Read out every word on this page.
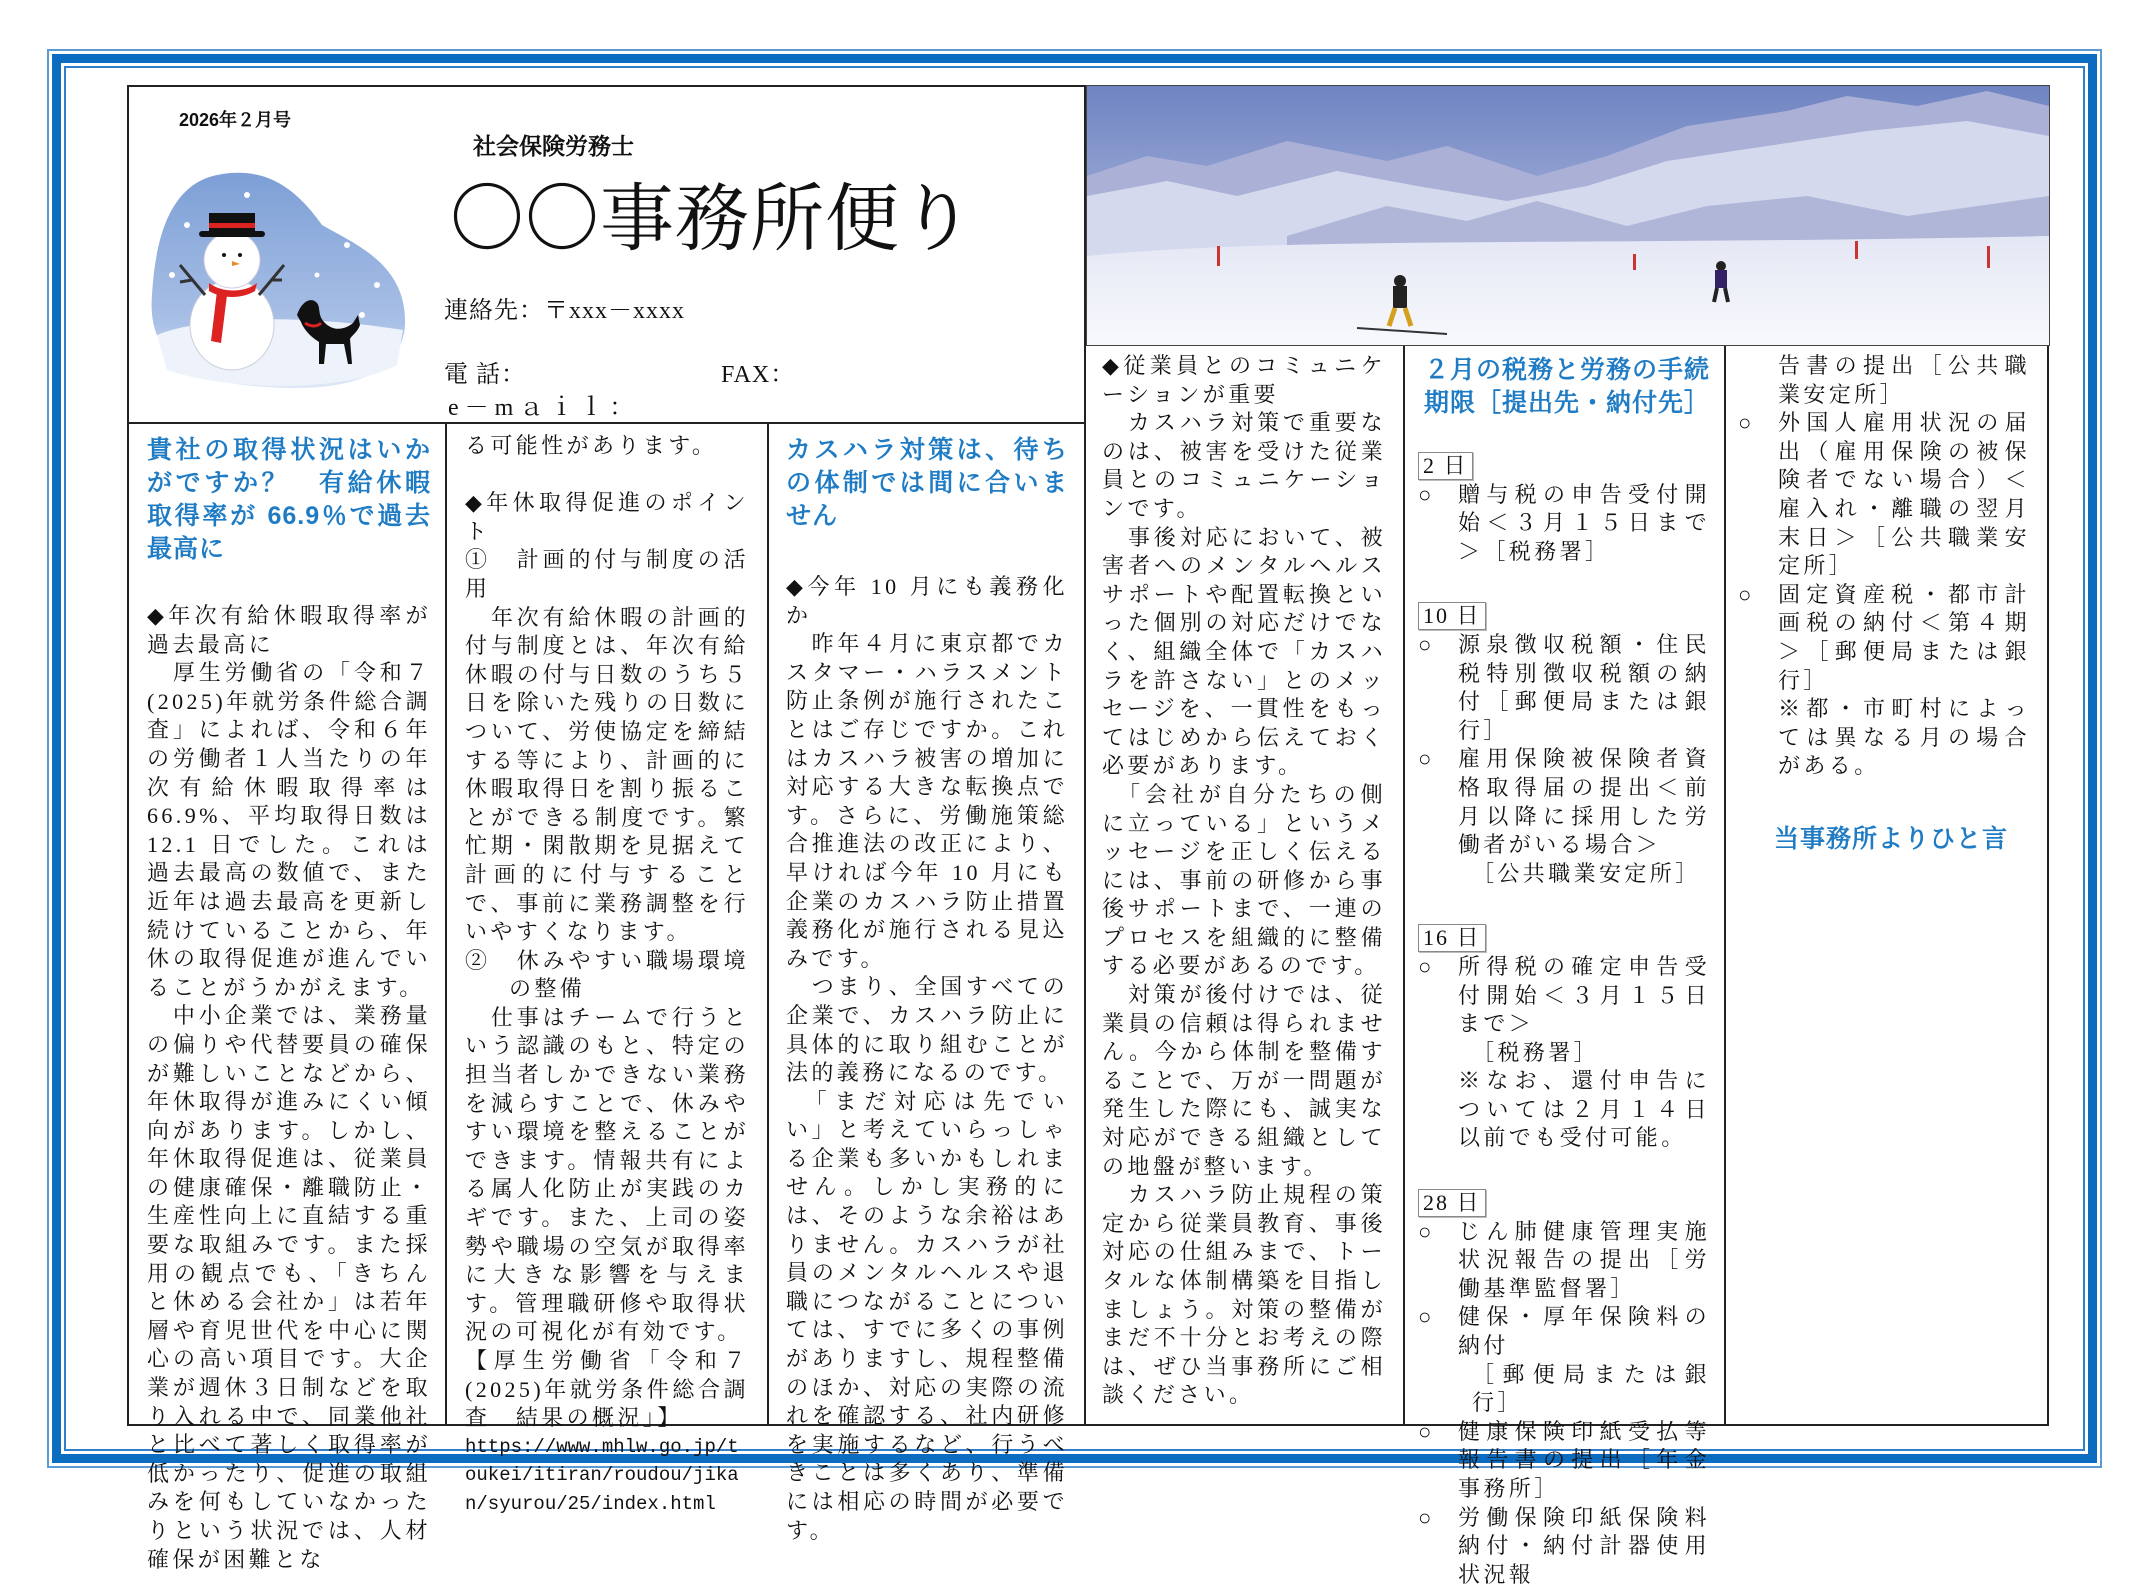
2026年２月号
社会保険労務士
〇〇事務所便り
連絡先：〒xxx－xxxx
電 話：	FAX：
e－mａｉｌ：
貴社の取得状況はいかがですか？　有給休暇取得率が 66.9％で過去最高に

◆年次有給休暇取得率が過去最高に

　厚生労働省の「令和７(2025)年就労条件総合調査」によれば、令和６年の労働者１人当たりの年次有給休暇取得率は 66.9%、平均取得日数は 12.1 日でした。これは過去最高の数値で、また近年は過去最高を更新し続けていることから、年休の取得促進が進んでいることがうかがえます。

　中小企業では、業務量の偏りや代替要員の確保が難しいことなどから、年休取得が進みにくい傾向があります。しかし、年休取得促進は、従業員の健康確保・離職防止・生産性向上に直結する重要な取組みです。また採用の観点でも、「きちんと休める会社か」は若年層や育児世代を中心に関心の高い項目です。大企業が週休３日制などを取り入れる中で、同業他社と比べて著しく取得率が低かったり、促進の取組みを何もしていなかったりという状況では、人材確保が困難とな

る可能性があります。

◆年休取得促進のポイント

①　計画的付与制度の活用

　年次有給休暇の計画的付与制度とは、年次有給休暇の付与日数のうち５日を除いた残りの日数について、労使協定を締結する等により、計画的に休暇取得日を割り振ることができる制度です。繁忙期・閑散期を見据えて計画的に付与することで、事前に業務調整を行いやすくなります。

②　休みやすい職場環境の整備

　仕事はチームで行うという認識のもと、特定の担当者しかできない業務を減らすことで、休みやすい環境を整えることができます。情報共有による属人化防止が実践のカギです。また、上司の姿勢や職場の空気が取得率に大きな影響を与えます。管理職研修や取得状況の可視化が有効です。

【厚生労働省「令和７(2025)年就労条件総合調査　結果の概況」】

https://www.mhlw.go.jp/toukei/itiran/roudou/jikan/syurou/25/index.html

カスハラ対策は、待ちの体制では間に合いません

◆今年 10 月にも義務化か

　昨年４月に東京都でカスタマー・ハラスメント防止条例が施行されたことはご存じですか。これはカスハラ被害の増加に対応する大きな転換点です。さらに、労働施策総合推進法の改正により、早ければ今年 10 月にも企業のカスハラ防止措置義務化が施行される見込みです。

　つまり、全国すべての企業で、カスハラ防止に具体的に取り組むことが法的義務になるのです。

　「まだ対応は先でいい」と考えていらっしゃる企業も多いかもしれません。しかし実務的には、そのような余裕はありません。カスハラが社員のメンタルヘルスや退職につながることについては、すでに多くの事例がありますし、規程整備のほか、対応の実際の流れを確認する、社内研修を実施するなど、行うべきことは多くあり、準備には相応の時間が必要です。

◆従業員とのコミュニケーションが重要

　カスハラ対策で重要なのは、被害を受けた従業員とのコミュニケーションです。

　事後対応において、被害者へのメンタルヘルスサポートや配置転換といった個別の対応だけでなく、組織全体で「カスハラを許さない」とのメッセージを、一貫性をもってはじめから伝えておく必要があります。

　「会社が自分たちの側に立っている」というメッセージを正しく伝えるには、事前の研修から事後サポートまで、一連のプロセスを組織的に整備する必要があるのです。

　対策が後付けでは、従業員の信頼は得られません。今から体制を整備することで、万が一問題が発生した際にも、誠実な対応ができる組織としての地盤が整います。

　カスハラ防止規程の策定から従業員教育、事後対応の仕組みまで、トータルな体制構築を目指しましょう。対策の整備がまだ不十分とお考えの際は、ぜひ当事務所にご相談ください。

２月の税務と労務の手続期限［提出先・納付先］
2 日
○ 贈与税の申告受付開始＜３月１５日まで＞［税務署］
10 日
○ 源泉徴収税額・住民税特別徴収税額の納付［郵便局または銀行］
○ 雇用保険被保険者資格取得届の提出＜前月以降に採用した労働者がいる場合＞
［公共職業安定所］
16 日
○ 所得税の確定申告受付開始＜３月１５日まで＞
［税務署］
※なお、還付申告については２月１４日以前でも受付可能。
28 日
○ じん肺健康管理実施状況報告の提出［労働基準監督署］
○ 健保・厚年保険料の納付
［郵便局または銀行］
○ 健康保険印紙受払等報告書の提出［年金事務所］
○ 労働保険印紙保険料納付・納付計器使用状況報

告書の提出［公共職業安定所］

○ 外国人雇用状況の届出（雇用保険の被保険者でない場合）＜雇入れ・離職の翌月末日＞［公共職業安定所］
○ 固定資産税・都市計画税の納付＜第４期＞［郵便局または銀行］
※都・市町村によっては異なる月の場合がある。
当事務所よりひと言
